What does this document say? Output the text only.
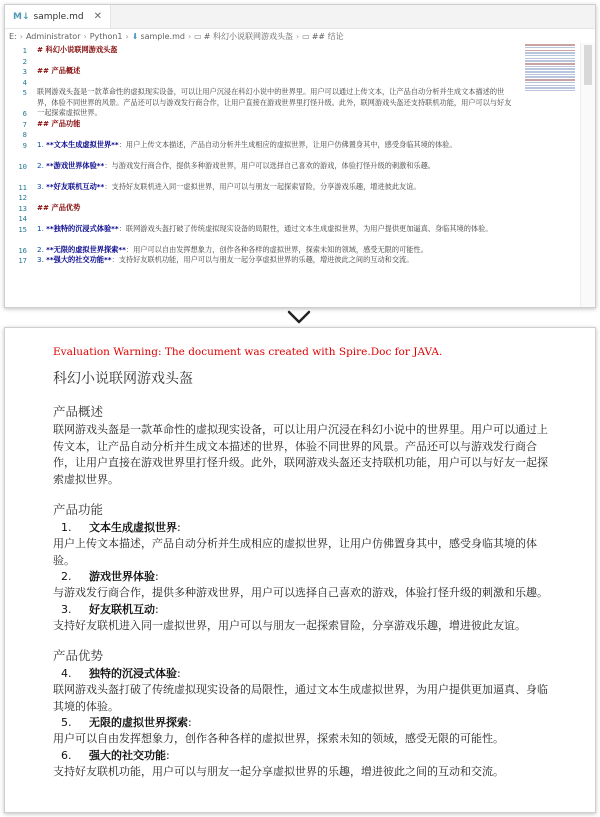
M↓ sample.md ✕
E: › Administrator › Python1 › ⬇ sample.md › ▭ # 科幻小说联网游戏头盔 › ▭ ## 结论
1
2
3
4
5
6
7
8
9
10
11
12
13
14
15
16
17
# 科幻小说联网游戏头盔
## 产品概述
联网游戏头盔是一款革命性的虚拟现实设备，可以让用户沉浸在科幻小说中的世界里。用户可以通过上传文本，让产品自动分析并生成文本描述的世界，体验不同世界的风景。产品还可以与游戏发行商合作，让用户直接在游戏世界里打怪升级。此外，联网游戏头盔还支持联机功能，用户可以与好友一起探索虚拟世界。
## 产品功能
1. **文本生成虚拟世界**：用户上传文本描述，产品自动分析并生成相应的虚拟世界，让用户仿佛置身其中，感受身临其境的体验。
2. **游戏世界体验**：与游戏发行商合作，提供多种游戏世界，用户可以选择自己喜欢的游戏，体验打怪升级的刺激和乐趣。
3. **好友联机互动**：支持好友联机进入同一虚拟世界，用户可以与朋友一起探索冒险，分享游戏乐趣，增进彼此友谊。
## 产品优势
1. **独特的沉浸式体验**：联网游戏头盔打破了传统虚拟现实设备的局限性，通过文本生成虚拟世界，为用户提供更加逼真、身临其境的体验。
2. **无限的虚拟世界探索**：用户可以自由发挥想象力，创作各种各样的虚拟世界，探索未知的领域，感受无限的可能性。
3. **强大的社交功能**：支持好友联机功能，用户可以与朋友一起分享虚拟世界的乐趣，增进彼此之间的互动和交流。
Evaluation Warning: The document was created with Spire.Doc for JAVA.
科幻小说联网游戏头盔
产品概述
联网游戏头盔是一款革命性的虚拟现实设备，可以让用户沉浸在科幻小说中的世界里。用户可以通过上传文本，让产品自动分析并生成文本描述的世界，体验不同世界的风景。产品还可以与游戏发行商合作，让用户直接在游戏世界里打怪升级。此外，联网游戏头盔还支持联机功能，用户可以与好友一起探索虚拟世界。
产品功能
1. 文本生成虚拟世界:
用户上传文本描述，产品自动分析并生成相应的虚拟世界，让用户仿佛置身其中，感受身临其境的体验。
2. 游戏世界体验:
与游戏发行商合作，提供多种游戏世界，用户可以选择自己喜欢的游戏，体验打怪升级的刺激和乐趣。
3. 好友联机互动:
支持好友联机进入同一虚拟世界，用户可以与朋友一起探索冒险，分享游戏乐趣，增进彼此友谊。
产品优势
4. 独特的沉浸式体验:
联网游戏头盔打破了传统虚拟现实设备的局限性，通过文本生成虚拟世界，为用户提供更加逼真、身临其境的体验。
5. 无限的虚拟世界探索:
用户可以自由发挥想象力，创作各种各样的虚拟世界，探索未知的领域，感受无限的可能性。
6. 强大的社交功能:
支持好友联机功能，用户可以与朋友一起分享虚拟世界的乐趣，增进彼此之间的互动和交流。
